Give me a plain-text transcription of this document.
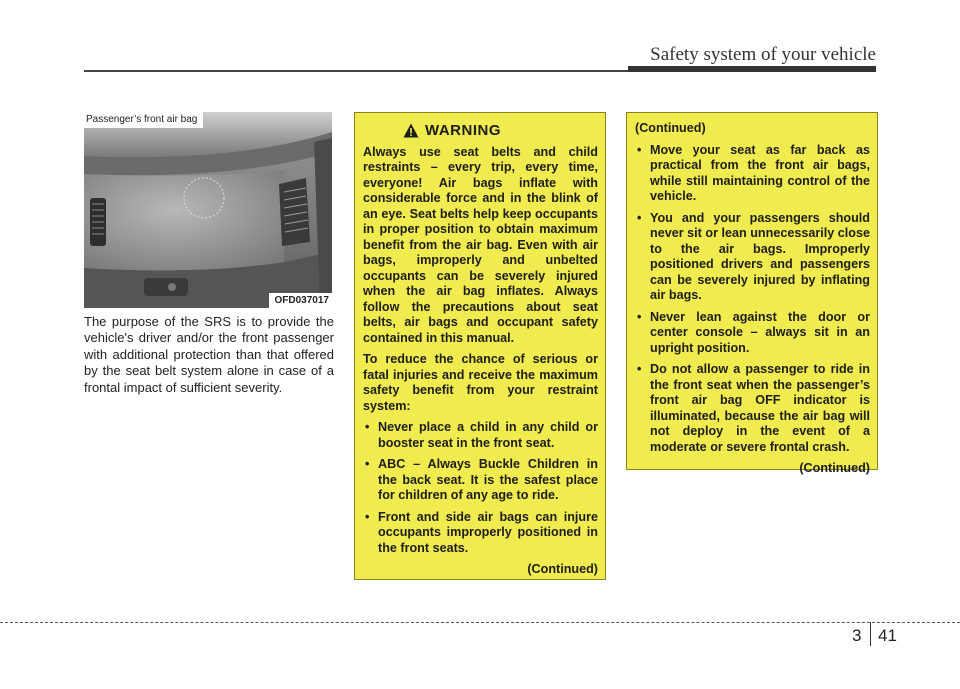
Safety system of your vehicle
Passenger’s front air bag
OFD037017
The purpose of the SRS is to provide the vehicle's driver and/or the front passenger with additional protection than that offered by the seat belt system alone in case of a frontal impact of sufficient severity.
WARNING

Always use seat belts and child restraints – every trip, every time, everyone! Air bags inflate with considerable force and in the blink of an eye. Seat belts help keep occupants in proper position to obtain maximum benefit from the air bag. Even with air bags, improperly and unbelted occupants can be severely injured when the air bag inflates. Always follow the precautions about seat belts, air bags and occupant safety contained in this manual.

To reduce the chance of serious or fatal injuries and receive the maximum safety benefit from your restraint system:

• Never place a child in any child or booster seat in the front seat.
• ABC – Always Buckle Children in the back seat. It is the safest place for children of any age to ride.
• Front and side air bags can injure occupants improperly positioned in the front seats.
(Continued)

(Continued)

• Move your seat as far back as practical from the front air bags, while still maintaining control of the vehicle.
• You and your passengers should never sit or lean unnecessarily close to the air bags. Improperly positioned drivers and passengers can be severely injured by inflating air bags.
• Never lean against the door or center console – always sit in an upright position.
• Do not allow a passenger to ride in the front seat when the passenger’s front air bag OFF indicator is illuminated, because the air bag will not deploy in the event of a moderate or severe frontal crash.
(Continued)
3 41
